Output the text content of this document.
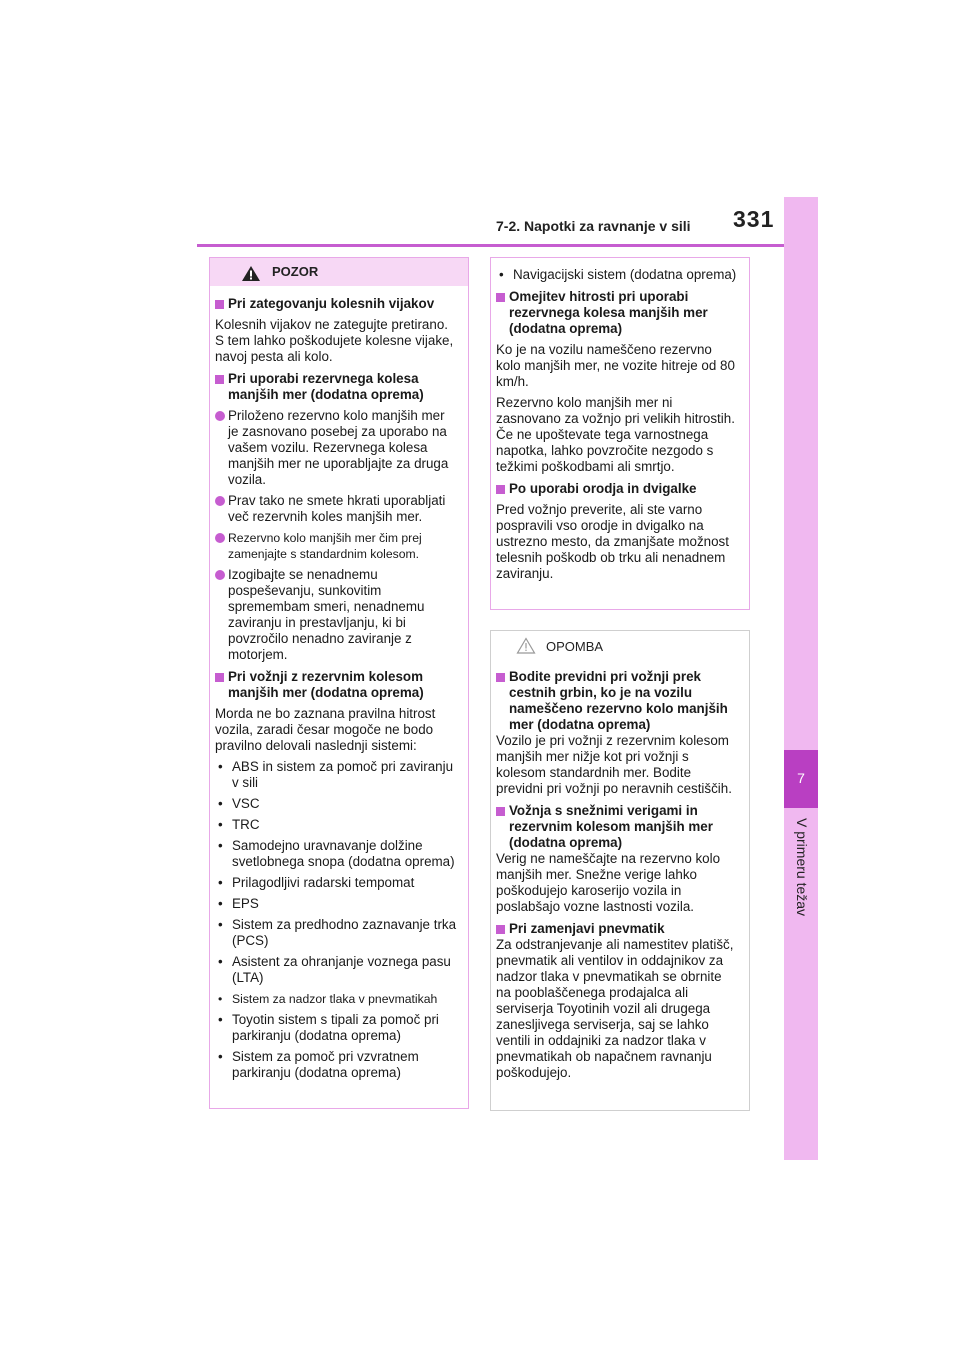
7-2. Napotki za ravnanje v sili 331
7
V primeru težav
POZOR
Pri zategovanju kolesnih vijakov
Kolesnih vijakov ne zategujte pretirano. S tem lahko poškodujete kolesne vijake, navoj pesta ali kolo.
Pri uporabi rezervnega kolesa manjših mer (dodatna oprema)
Priloženo rezervno kolo manjših mer je zasnovano posebej za uporabo na vašem vozilu. Rezervnega kolesa manjših mer ne uporabljajte za druga vozila.
Prav tako ne smete hkrati uporabljati več rezervnih koles manjših mer.
Rezervno kolo manjših mer čim prej zamenjajte s standardnim kolesom.
Izogibajte se nenadnemu pospeševanju, sunkovitim spremembam smeri, nenadnemu zaviranju in prestavljanju, ki bi povzročilo nenadno zaviranje z motorjem.
Pri vožnji z rezervnim kolesom manjših mer (dodatna oprema)
Morda ne bo zaznana pravilna hitrost vozila, zaradi česar mogoče ne bodo pravilno delovali naslednji sistemi:
• ABS in sistem za pomoč pri zaviranju v sili
• VSC
• TRC
• Samodejno uravnavanje dolžine svetlobnega snopa (dodatna oprema)
• Prilagodljivi radarski tempomat
• EPS
• Sistem za predhodno zaznavanje trka (PCS)
• Asistent za ohranjanje voznega pasu (LTA)
• Sistem za nadzor tlaka v pnevmatikah
• Toyotin sistem s tipali za pomoč pri parkiranju (dodatna oprema)
• Sistem za pomoč pri vzvratnem parkiranju (dodatna oprema)
• Navigacijski sistem (dodatna oprema)
Omejitev hitrosti pri uporabi rezervnega kolesa manjših mer (dodatna oprema)
Ko je na vozilu nameščeno rezervno kolo manjših mer, ne vozite hitreje od 80 km/h.
Rezervno kolo manjših mer ni zasnovano za vožnjo pri velikih hitrostih. Če ne upoštevate tega varnostnega napotka, lahko povzročite nezgodo s težkimi poškodbami ali smrtjo.
Po uporabi orodja in dvigalke
Pred vožnjo preverite, ali ste varno pospravili vso orodje in dvigalko na ustrezno mesto, da zmanjšate možnost telesnih poškodb ob trku ali nenadnem zaviranju.
OPOMBA
Bodite previdni pri vožnji prek cestnih grbin, ko je na vozilu nameščeno rezervno kolo manjših mer (dodatna oprema)
Vozilo je pri vožnji z rezervnim kolesom manjših mer nižje kot pri vožnji s kolesom standardnih mer. Bodite previdni pri vožnji po neravnih cestiščih.
Vožnja s snežnimi verigami in rezervnim kolesom manjših mer (dodatna oprema)
Verig ne nameščajte na rezervno kolo manjših mer. Snežne verige lahko poškodujejo karoserijo vozila in poslabšajo vozne lastnosti vozila.
Pri zamenjavi pnevmatik
Za odstranjevanje ali namestitev platišč, pnevmatik ali ventilov in oddajnikov za nadzor tlaka v pnevmatikah se obrnite na pooblaščenega prodajalca ali serviserja Toyotinih vozil ali drugega zanesljivega serviserja, saj se lahko ventili in oddajniki za nadzor tlaka v pnevmatikah ob napačnem ravnanju poškodujejo.
